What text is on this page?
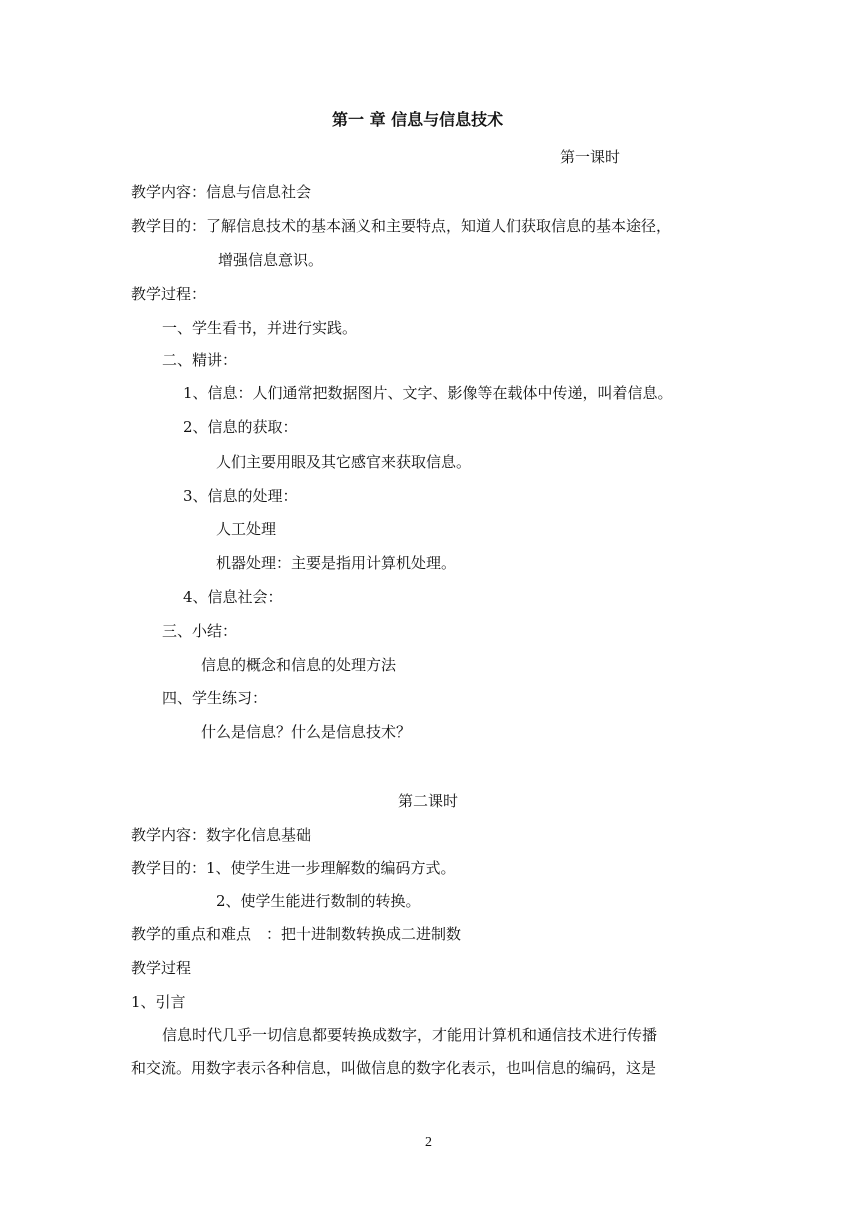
第一 章 信息与信息技术
第一课时
教学内容：信息与信息社会
教学目的：了解信息技术的基本涵义和主要特点，知道人们获取信息的基本途径，
增强信息意识。
教学过程：
一、学生看书，并进行实践。
二、精讲：
1、信息：人们通常把数据图片、文字、影像等在载体中传递，叫着信息。
2、信息的获取：
人们主要用眼及其它感官来获取信息。
3、信息的处理：
人工处理
机器处理：主要是指用计算机处理。
4、信息社会：
三、小结：
信息的概念和信息的处理方法
四、学生练习：
什么是信息？什么是信息技术？
第二课时
教学内容：数字化信息基础
教学目的：1、使学生进一步理解数的编码方式。
2、使学生能进行数制的转换。
教学的重点和难点　：把十进制数转换成二进制数
教学过程
1、引言
信息时代几乎一切信息都要转换成数字，才能用计算机和通信技术进行传播
和交流。用数字表示各种信息，叫做信息的数字化表示，也叫信息的编码，这是
2
